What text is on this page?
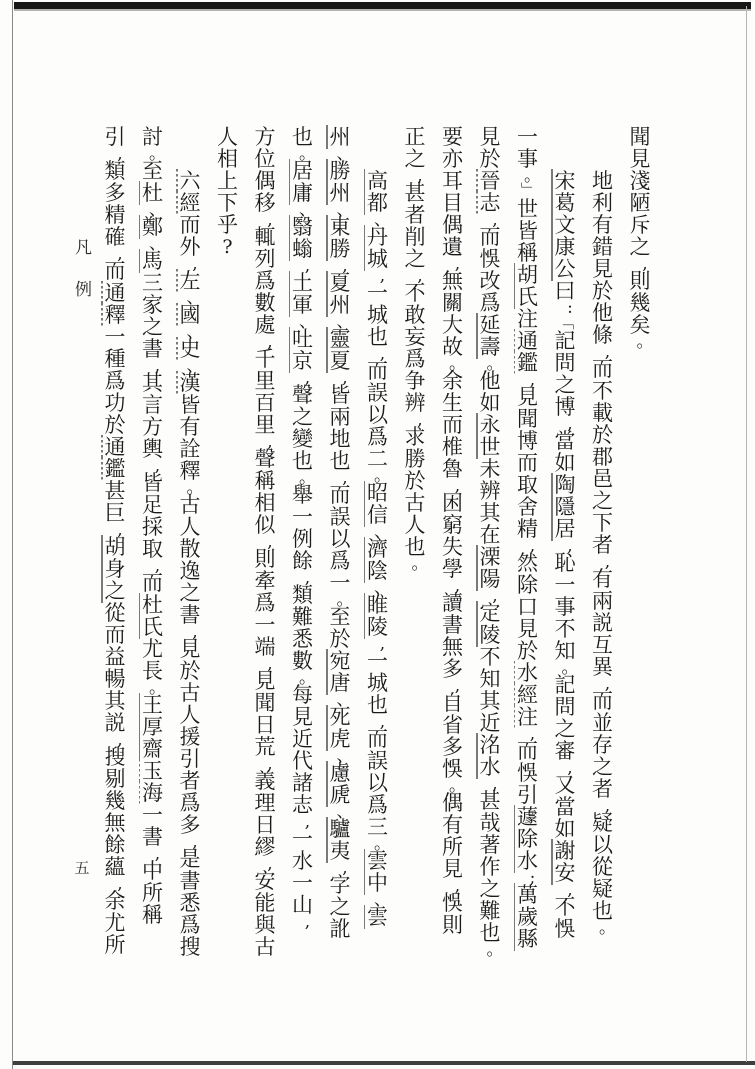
凡例
五
聞
見
淺
陋
斥
之
,
則
幾
矣
。
地
利
有
錯
見
於
他
條
,
而
不
載
於
郡
邑
之
下
者
,
有
兩
説
互
異
,
而
並
存
之
者
,
疑
以
從
疑
也
。
宋
葛
文
康
公
曰
:
「
記
問
之
博
,
當
如
陶
隱
居
,
恥
一
事
不
知
。
記
問
之
審
,
又
當
如
謝
安
,
不
悞
一
事
。
」
世
皆
稱
胡
氏
注
通
鑑
,
見
聞
博
而
取
舍
精
,
然
除
口
見
於
水
經
注
,
而
悞
引
蘧
除
水
;
萬
歲
縣
見
於
晉
志
,
而
悞
改
爲
延
壽
。
他
如
永
世
未
辨
其
在
溧
陽
,
定
陵
不
知
其
近
洺
水
,
甚
哉
著
作
之
難
也
。
要
亦
耳
目
偶
遺
,
無
關
大
故
。
余
生
而
椎
魯
,
困
窮
失
學
,
讀
書
無
多
,
自
省
多
悞
。
偶
有
所
見
,
悞
則
正
之
,
甚
者
削
之
,
不
敢
妄
爲
争
辨
,
求
勝
於
古
人
也
。
高
都
、
丹
城
,
一
城
也
,
而
誤
以
爲
二
。
昭
信
、
濟
陰
、
睢
陵
,
一
城
也
,
而
誤
以
爲
三
。
雲
中
、
雲
州
、
勝
州
、
東
勝
,
夏
州
、
靈
夏
,
皆
兩
地
也
,
而
誤
以
爲
一
。
至
於
宛
唐
、
死
虎
、
慮
虒
、
驢
夷
,
字
之
訛
也
。
居
庸
、
翳
螉
,
土
軍
、
吐
京
,
聲
之
變
也
。
舉
一
例
餘
,
類
難
悉
數
。
每
見
近
代
諸
志
,
一
水
一
山
,
方
位
偶
移
,
輒
列
爲
數
處
,
千
里
百
里
,
聲
稱
相
似
,
則
牽
爲
一
端
,
見
聞
日
荒
,
義
理
日
繆
,
安
能
與
古
人
相
上
下
乎
?
六
經
而
外
,
左
、
國
、
史
、
漢
皆
有
詮
釋
。
古
人
散
逸
之
書
,
見
於
古
人
援
引
者
爲
多
,
是
書
悉
爲
搜
討
。
至
杜
、
鄭
、
馬
三
家
之
書
,
其
言
方
輿
,
皆
足
採
取
,
而
杜
氏
尤
長
。
王
厚
齋
玉
海
一
書
,
中
所
稱
引
,
類
多
精
確
,
而
通
釋
一
種
爲
功
於
通
鑑
甚
巨
,
胡
身
之
從
而
益
暢
其
説
,
搜
剔
幾
無
餘
蘊
,
余
尤
所
